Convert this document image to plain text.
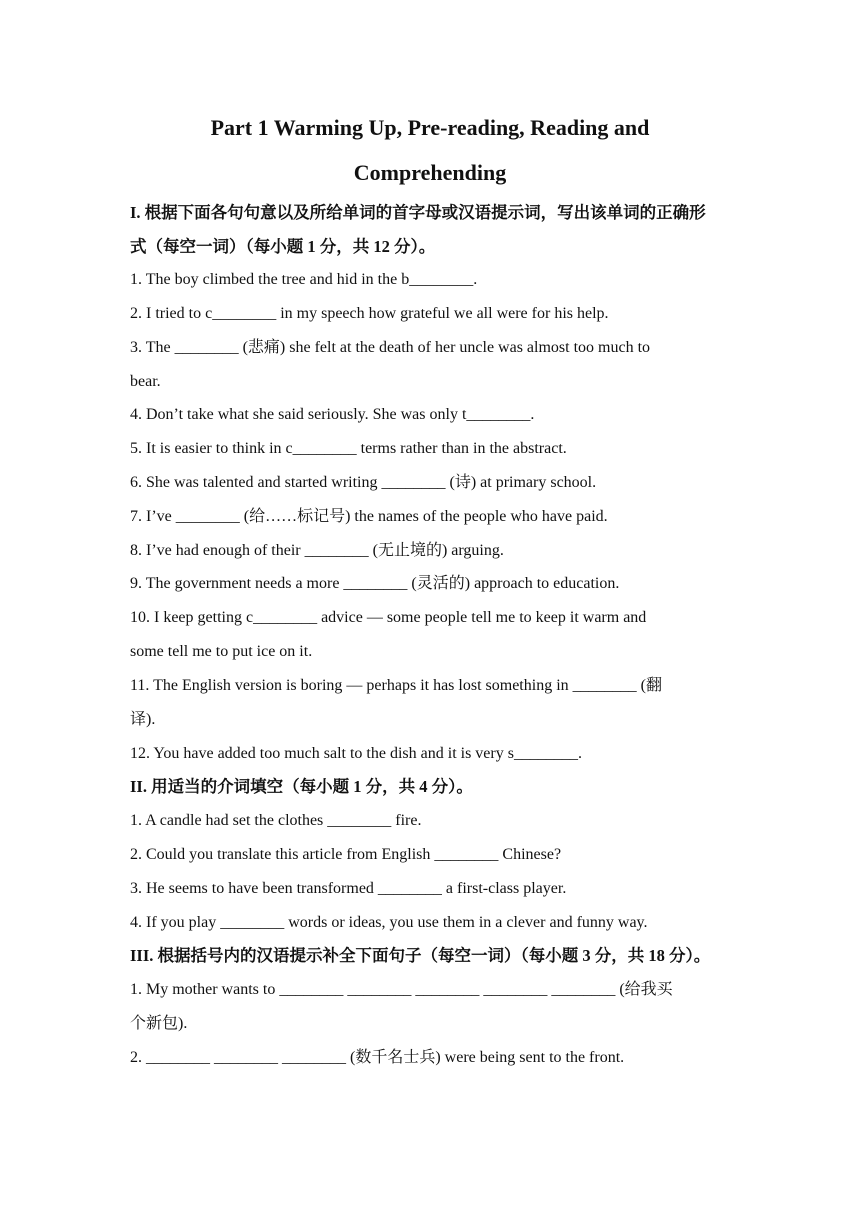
Part 1 Warming Up, Pre-reading, Reading and
Comprehending
I. 根据下面各句句意以及所给单词的首字母或汉语提示词，写出该单词的正确形
式（每空一词）（每小题 1 分，共 12 分）。
1. The boy climbed the tree and hid in the b________.
2. I tried to c________ in my speech how grateful we all were for his help.
3. The ________ (悲痛) she felt at the death of her uncle was almost too much to
bear.
4. Don’t take what she said seriously. She was only t________.
5. It is easier to think in c________ terms rather than in the abstract.
6. She was talented and started writing ________ (诗) at primary school.
7. I’ve ________ (给……标记号) the names of the people who have paid.
8. I’ve had enough of their ________ (无止境的) arguing.
9. The government needs a more ________ (灵活的) approach to education.
10. I keep getting c________ advice — some people tell me to keep it warm and
some tell me to put ice on it.
11. The English version is boring — perhaps it has lost something in ________ (翻
译).
12. You have added too much salt to the dish and it is very s________.
II. 用适当的介词填空（每小题 1 分，共 4 分）。
1. A candle had set the clothes ________ fire.
2. Could you translate this article from English ________ Chinese?
3. He seems to have been transformed ________ a first-class player.
4. If you play ________ words or ideas, you use them in a clever and funny way.
III. 根据括号内的汉语提示补全下面句子（每空一词）（每小题 3 分，共 18 分）。
1. My mother wants to ________ ________ ________ ________ ________ (给我买
个新包).
2. ________ ________ ________ (数千名士兵) were being sent to the front.
